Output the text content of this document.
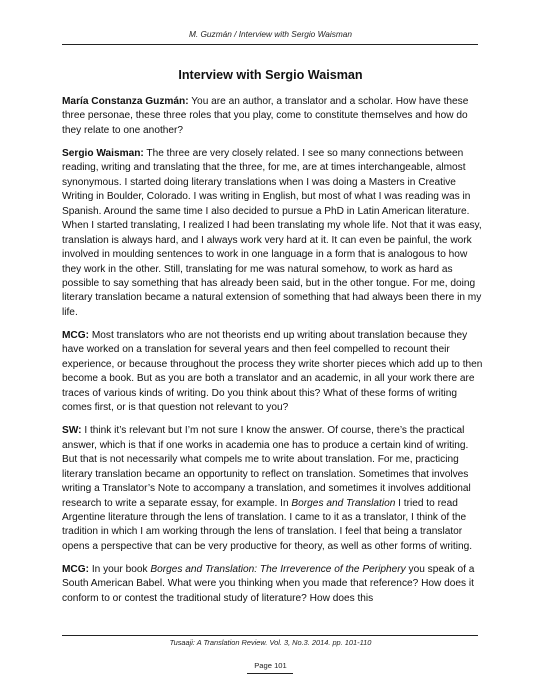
M. Guzmán / Interview with Sergio Waisman
Interview with Sergio Waisman

María Constanza Guzmán: You are an author, a translator and a scholar. How have these three personae, these three roles that you play, come to constitute themselves and how do they relate to one another?

Sergio Waisman: The three are very closely related. I see so many connections between reading, writing and translating that the three, for me, are at times interchangeable, almost synonymous. I started doing literary translations when I was doing a Masters in Creative Writing in Boulder, Colorado. I was writing in English, but most of what I was reading was in Spanish. Around the same time I also decided to pursue a PhD in Latin American literature. When I started translating, I realized I had been translating my whole life. Not that it was easy, translation is always hard, and I always work very hard at it. It can even be painful, the work involved in moulding sentences to work in one language in a form that is analogous to how they work in the other. Still, translating for me was natural somehow, to work as hard as possible to say something that has already been said, but in the other tongue. For me, doing literary translation became a natural extension of something that had always been there in my life.

MCG: Most translators who are not theorists end up writing about translation because they have worked on a translation for several years and then feel compelled to recount their experience, or because throughout the process they write shorter pieces which add up to then become a book. But as you are both a translator and an academic, in all your work there are traces of various kinds of writing. Do you think about this? What of these forms of writing comes first, or is that question not relevant to you?

SW: I think it’s relevant but I’m not sure I know the answer. Of course, there’s the practical answer, which is that if one works in academia one has to produce a certain kind of writing. But that is not necessarily what compels me to write about translation. For me, practicing literary translation became an opportunity to reflect on translation. Sometimes that involves writing a Translator’s Note to accompany a translation, and sometimes it involves additional research to write a separate essay, for example. In Borges and Translation I tried to read Argentine literature through the lens of translation. I came to it as a translator, I think of the tradition in which I am working through the lens of translation. I feel that being a translator opens a perspective that can be very productive for theory, as well as other forms of writing.

MCG: In your book Borges and Translation: The Irreverence of the Periphery you speak of a South American Babel. What were you thinking when you made that reference? How does it conform to or contest the traditional study of literature? How does this

Tusaaji: A Translation Review. Vol. 3, No.3. 2014. pp. 101-110
Page 101
